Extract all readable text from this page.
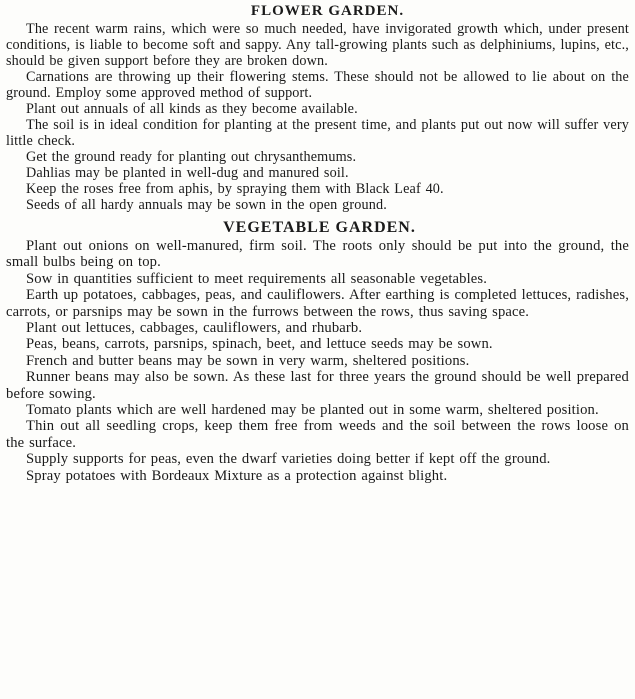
FLOWER GARDEN.

The recent warm rains, which were so much needed, have invigorated growth which, under present conditions, is liable to become soft and sappy. Any tall-growing plants such as delphiniums, lupins, etc., should be given support before they are broken down.

Carnations are throwing up their flowering stems. These should not be allowed to lie about on the ground. Employ some approved method of support.

Plant out annuals of all kinds as they become available.

The soil is in ideal condition for planting at the present time, and plants put out now will suffer very little check.

Get the ground ready for planting out chrysanthemums.

Dahlias may be planted in well-dug and manured soil.

Keep the roses free from aphis, by spraying them with Black Leaf 40.

Seeds of all hardy annuals may be sown in the open ground.

VEGETABLE GARDEN.

Plant out onions on well-manured, firm soil. The roots only should be put into the ground, the small bulbs being on top.

Sow in quantities sufficient to meet requirements all seasonable vegetables.

Earth up potatoes, cabbages, peas, and cauliflowers. After earthing is completed lettuces, radishes, carrots, or parsnips may be sown in the furrows between the rows, thus saving space.

Plant out lettuces, cabbages, cauliflowers, and rhubarb.

Peas, beans, carrots, parsnips, spinach, beet, and lettuce seeds may be sown.

French and butter beans may be sown in very warm, sheltered positions.

Runner beans may also be sown. As these last for three years the ground should be well prepared before sowing.

Tomato plants which are well hardened may be planted out in some warm, sheltered position.

Thin out all seedling crops, keep them free from weeds and the soil between the rows loose on the surface.

Supply supports for peas, even the dwarf varieties doing better if kept off the ground.

Spray potatoes with Bordeaux Mixture as a protection against blight.
